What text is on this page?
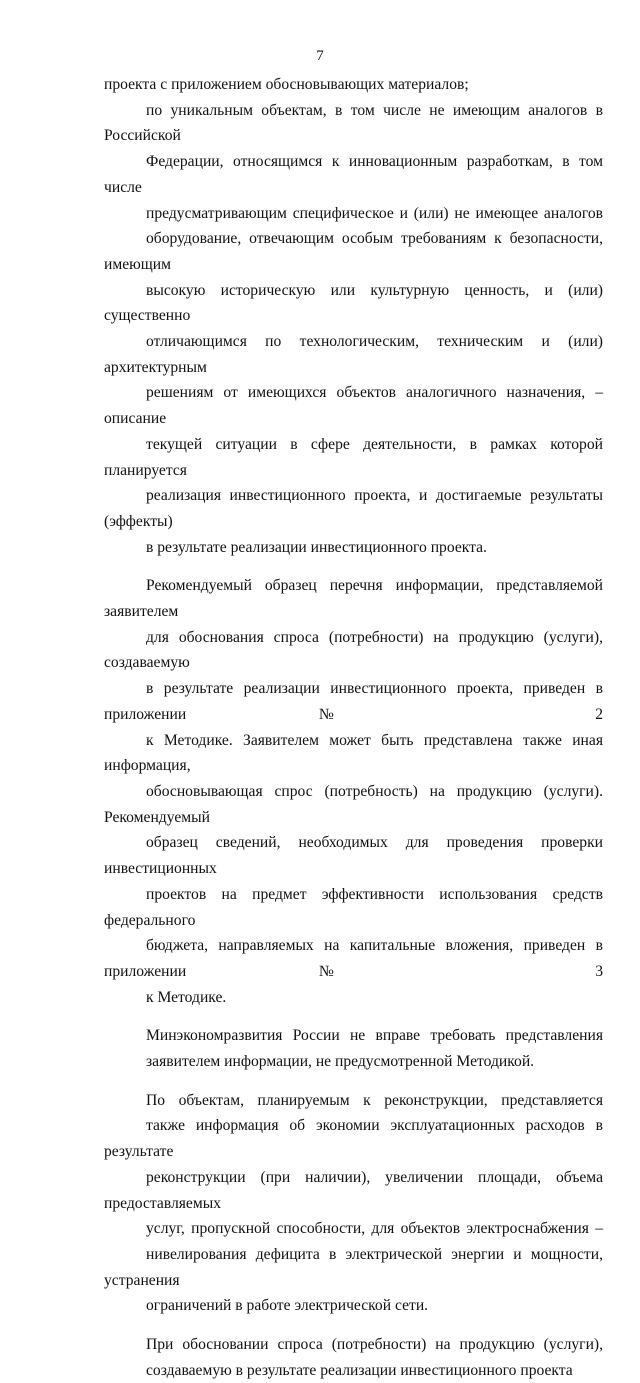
7

проекта с приложением обосновывающих материалов;

по уникальным объектам, в том числе не имеющим аналогов в Российской
Федерации, относящимся к инновационным разработкам, в том числе
предусматривающим специфическое и (или) не имеющее аналогов
оборудование, отвечающим особым требованиям к безопасности, имеющим
высокую историческую или культурную ценность, и (или) существенно
отличающимся по технологическим, техническим и (или) архитектурным
решениям от имеющихся объектов аналогичного назначения, – описание
текущей ситуации в сфере деятельности, в рамках которой планируется
реализация инвестиционного проекта, и достигаемые результаты (эффекты)
в результате реализации инвестиционного проекта.

Рекомендуемый образец перечня информации, представляемой заявителем
для обоснования спроса (потребности) на продукцию (услуги), создаваемую
в результате реализации инвестиционного проекта, приведен в приложении № 2
к Методике. Заявителем может быть представлена также иная информация,
обосновывающая спрос (потребность) на продукцию (услуги). Рекомендуемый
образец сведений, необходимых для проведения проверки инвестиционных
проектов на предмет эффективности использования средств федерального
бюджета, направляемых на капитальные вложения, приведен в приложении № 3
к Методике.

Минэкономразвития России не вправе требовать представления
заявителем информации, не предусмотренной Методикой.

По объектам, планируемым к реконструкции, представляется
также информация об экономии эксплуатационных расходов в результате
реконструкции (при наличии), увеличении площади, объема предоставляемых
услуг, пропускной способности, для объектов электроснабжения –
нивелирования дефицита в электрической энергии и мощности, устранения
ограничений в работе электрической сети.

При обосновании спроса (потребности) на продукцию (услуги),
создаваемую в результате реализации инвестиционного проекта
